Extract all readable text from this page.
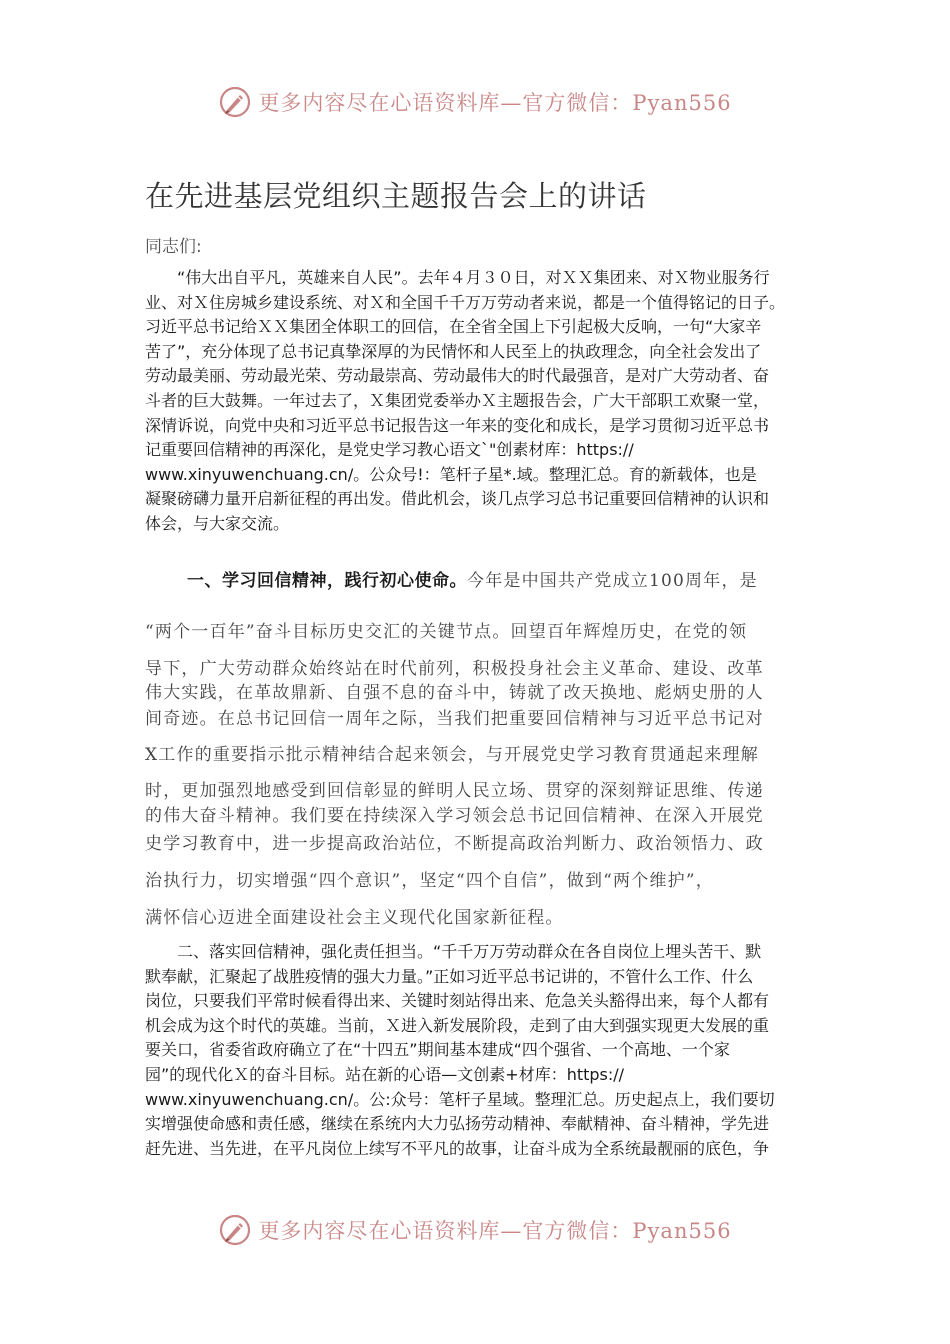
更多内容尽在心语资料库—官方微信：Pyan556
在先进基层党组织主题报告会上的讲话
同志们:
　　“伟大出自平凡，英雄来自人民”。去年４月３０日，对ＸＸ集团来、对Ｘ物业服务行
业、对Ｘ住房城乡建设系统、对Ｘ和全国千千万万劳动者来说，都是一个值得铭记的日子。
习近平总书记给ＸＸ集团全体职工的回信，在全省全国上下引起极大反响，一句“大家辛
苦了”，充分体现了总书记真挚深厚的为民情怀和人民至上的执政理念，向全社会发出了
劳动最美丽、劳动最光荣、劳动最崇高、劳动最伟大的时代最强音，是对广大劳动者、奋
斗者的巨大鼓舞。一年过去了，Ｘ集团党委举办Ｘ主题报告会，广大干部职工欢聚一堂，
深情诉说，向党中央和习近平总书记报告这一年来的变化和成长，是学习贯彻习近平总书
记重要回信精神的再深化，是党史学习教心语文`"创素材库：https://
www.xinyuwenchuang.cn/。公众号!：笔杆子星*.域。整理汇总。育的新载体，也是
凝聚磅礴力量开启新征程的再出发。借此机会，谈几点学习总书记重要回信精神的认识和
体会，与大家交流。
一、学习回信精神，践行初心使命。今年是中国共产党成立100周年，是
“两个一百年”奋斗目标历史交汇的关键节点。回望百年辉煌历史，在党的领
导下，广大劳动群众始终站在时代前列，积极投身社会主义革命、建设、改革
伟大实践，在革故鼎新、自强不息的奋斗中，铸就了改天换地、彪炳史册的人
间奇迹。在总书记回信一周年之际，当我们把重要回信精神与习近平总书记对
X工作的重要指示批示精神结合起来领会，与开展党史学习教育贯通起来理解
时，更加强烈地感受到回信彰显的鲜明人民立场、贯穿的深刻辩证思维、传递
的伟大奋斗精神。我们要在持续深入学习领会总书记回信精神、在深入开展党
史学习教育中，进一步提高政治站位，不断提高政治判断力、政治领悟力、政
治执行力，切实增强“四个意识”，坚定“四个自信”，做到“两个维护”，
满怀信心迈进全面建设社会主义现代化国家新征程。
　　二、落实回信精神，强化责任担当。“千千万万劳动群众在各自岗位上埋头苦干、默
默奉献，汇聚起了战胜疫情的强大力量。”正如习近平总书记讲的，不管什么工作、什么
岗位，只要我们平常时候看得出来、关键时刻站得出来、危急关头豁得出来，每个人都有
机会成为这个时代的英雄。当前，Ｘ进入新发展阶段，走到了由大到强实现更大发展的重
要关口，省委省政府确立了在“十四五”期间基本建成“四个强省、一个高地、一个家
园”的现代化Ｘ的奋斗目标。站在新的心语—文创素+材库：https://
www.xinyuwenchuang.cn/。公:众号：笔杆子星域。整理汇总。历史起点上，我们要切
实增强使命感和责任感，继续在系统内大力弘扬劳动精神、奉献精神、奋斗精神，学先进
赶先进、当先进，在平凡岗位上续写不平凡的故事，让奋斗成为全系统最靓丽的底色，争
更多内容尽在心语资料库—官方微信：Pyan556
